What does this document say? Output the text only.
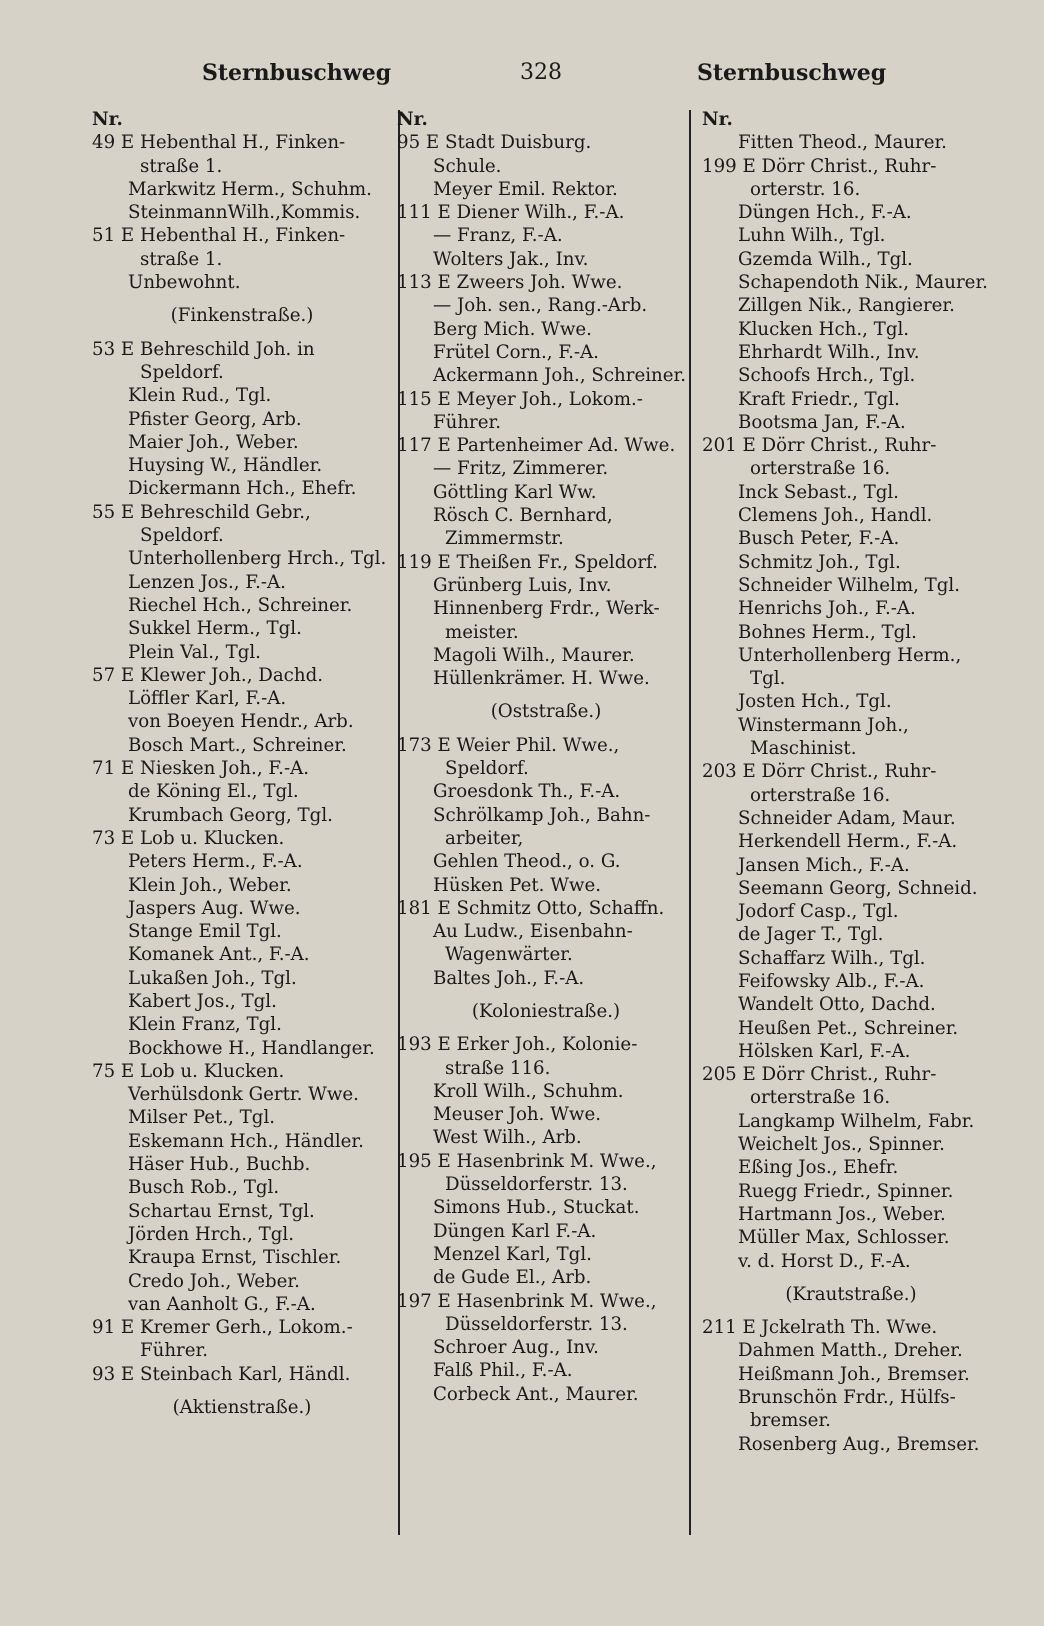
Sternbuschweg	328	Sternbuschweg
Nr.
49 E Hebenthal H., Finken-
straße 1.
Markwitz Herm., Schuhm.
SteinmannWilh.,Kommis.
51 E Hebenthal H., Finken-
straße 1.
Unbewohnt.
(Finkenstraße.)
53 E Behreschild Joh. in
Speldorf.
Klein Rud., Tgl.
Pfister Georg, Arb.
Maier Joh., Weber.
Huysing W., Händler.
Dickermann Hch., Ehefr.
55 E Behreschild Gebr.,
Speldorf.
Unterhollenberg Hrch., Tgl.
Lenzen Jos., F.-A.
Riechel Hch., Schreiner.
Sukkel Herm., Tgl.
Plein Val., Tgl.
57 E Klewer Joh., Dachd.
Löffler Karl, F.-A.
von Boeyen Hendr., Arb.
Bosch Mart., Schreiner.
71 E Niesken Joh., F.-A.
de Köning El., Tgl.
Krumbach Georg, Tgl.
73 E Lob u. Klucken.
Peters Herm., F.-A.
Klein Joh., Weber.
Jaspers Aug. Wwe.
Stange Emil Tgl.
Komanek Ant., F.-A.
Lukaßen Joh., Tgl.
Kabert Jos., Tgl.
Klein Franz, Tgl.
Bockhowe H., Handlanger.
75 E Lob u. Klucken.
Verhülsdonk Gertr. Wwe.
Milser Pet., Tgl.
Eskemann Hch., Händler.
Häser Hub., Buchb.
Busch Rob., Tgl.
Schartau Ernst, Tgl.
Jörden Hrch., Tgl.
Kraupa Ernst, Tischler.
Credo Joh., Weber.
van Aanholt G., F.-A.
91 E Kremer Gerh., Lokom.-
Führer.
93 E Steinbach Karl, Händl.
(Aktienstraße.)
Nr.
95 E Stadt Duisburg.
Schule.
Meyer Emil. Rektor.
111 E Diener Wilh., F.-A.
— Franz, F.-A.
Wolters Jak., Inv.
113 E Zweers Joh. Wwe.
— Joh. sen., Rang.-Arb.
Berg Mich. Wwe.
Frütel Corn., F.-A.
Ackermann Joh., Schreiner.
115 E Meyer Joh., Lokom.-
Führer.
117 E Partenheimer Ad. Wwe.
— Fritz, Zimmerer.
Göttling Karl Ww.
Rösch C. Bernhard,
Zimmermstr.
119 E Theißen Fr., Speldorf.
Grünberg Luis, Inv.
Hinnenberg Frdr., Werk-
meister.
Magoli Wilh., Maurer.
Hüllenkrämer. H. Wwe.
(Oststraße.)
173 E Weier Phil. Wwe.,
Speldorf.
Groesdonk Th., F.-A.
Schrölkamp Joh., Bahn-
arbeiter,
Gehlen Theod., o. G.
Hüsken Pet. Wwe.
181 E Schmitz Otto, Schaffn.
Au Ludw., Eisenbahn-
Wagenwärter.
Baltes Joh., F.-A.
(Koloniestraße.)
193 E Erker Joh., Kolonie-
straße 116.
Kroll Wilh., Schuhm.
Meuser Joh. Wwe.
West Wilh., Arb.
195 E Hasenbrink M. Wwe.,
Düsseldorferstr. 13.
Simons Hub., Stuckat.
Düngen Karl F.-A.
Menzel Karl, Tgl.
de Gude El., Arb.
197 E Hasenbrink M. Wwe.,
Düsseldorferstr. 13.
Schroer Aug., Inv.
Falß Phil., F.-A.
Corbeck Ant., Maurer.
Nr.
Fitten Theod., Maurer.
199 E Dörr Christ., Ruhr-
orterstr. 16.
Düngen Hch., F.-A.
Luhn Wilh., Tgl.
Gzemda Wilh., Tgl.
Schapendoth Nik., Maurer.
Zillgen Nik., Rangierer.
Klucken Hch., Tgl.
Ehrhardt Wilh., Inv.
Schoofs Hrch., Tgl.
Kraft Friedr., Tgl.
Bootsma Jan, F.-A.
201 E Dörr Christ., Ruhr-
orterstraße 16.
Inck Sebast., Tgl.
Clemens Joh., Handl.
Busch Peter, F.-A.
Schmitz Joh., Tgl.
Schneider Wilhelm, Tgl.
Henrichs Joh., F.-A.
Bohnes Herm., Tgl.
Unterhollenberg Herm.,
Tgl.
Josten Hch., Tgl.
Winstermann Joh.,
Maschinist.
203 E Dörr Christ., Ruhr-
orterstraße 16.
Schneider Adam, Maur.
Herkendell Herm., F.-A.
Jansen Mich., F.-A.
Seemann Georg, Schneid.
Jodorf Casp., Tgl.
de Jager T., Tgl.
Schaffarz Wilh., Tgl.
Feifowsky Alb., F.-A.
Wandelt Otto, Dachd.
Heußen Pet., Schreiner.
Hölsken Karl, F.-A.
205 E Dörr Christ., Ruhr-
orterstraße 16.
Langkamp Wilhelm, Fabr.
Weichelt Jos., Spinner.
Eßing Jos., Ehefr.
Ruegg Friedr., Spinner.
Hartmann Jos., Weber.
Müller Max, Schlosser.
v. d. Horst D., F.-A.
(Krautstraße.)
211 E Jckelrath Th. Wwe.
Dahmen Matth., Dreher.
Heißmann Joh., Bremser.
Brunschön Frdr., Hülfs-
bremser.
Rosenberg Aug., Bremser.
